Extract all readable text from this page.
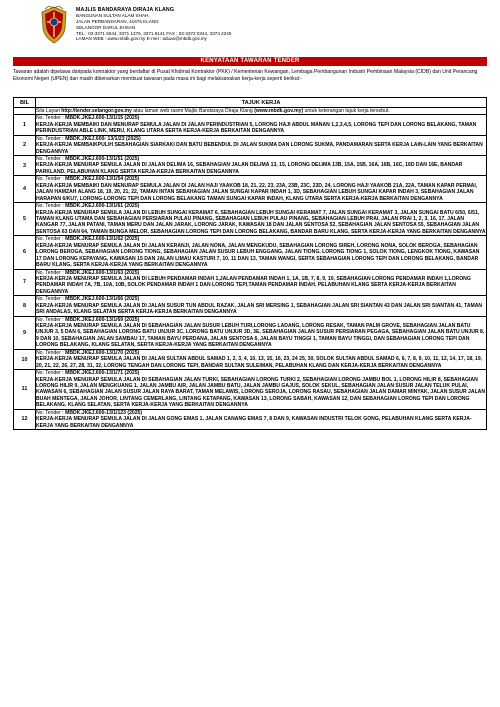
MAJLIS BANDARAYA DIRAJA KLANG
BANGUNAN SULTAN ALAM SHAH,
JALAN PERBANDARAN, 41675 KLANG
SELANGOR DARUL EHSAN
TEL : 03-3371 6044, 3371 1376, 3371 6141 FAX : 03-3372 0344, 3374 2245
LAMAN WEB : www.mbdk.gov.my E-mel : aduan@mbdk.gov.my
KENYATAAN TAWARAN TENDER
Tawaran adalah dipelawa daripada kontraktor yang berdaftar di Pusat Khidmat Kontraktor (PKK) / Kementerian Kewangan, Lembaga Pembangunan Industri Pembinaan Malaysia (CIDB) dan Unit Perancang Ekonomi Negeri (UPEN) dan masih dibenarkan membuat tawaran pada masa ini bagi melaksanakan kerja-kerja seperti berikut:-
BIL	TAJUK KERJA
	Sila Layari http://tender.selangor.gov.my atau laman web rasmi Majlis Bandaraya Diraja Klang (www.mbdk.gov.my) untuk keterangan tajuk kerja tersebut.
1	No. Tender : MBDK.JKEJ.600-13/1/15 (2025)
KERJA-KERJA MEMBAIKI DAN MENURAP SEMULA JALAN DI JALAN PERINDUSTRIAN 5, LORONG HAJI ABDUL MANAN 1,2,3,4,5, LORONG TEPI DAN LORONG BELAKANG, TAMAN PERINDUSTRIAN ABLE LINK, MERU, KLANG UTARA SERTA KERJA-KERJA BERKAITAN DENGANNYA

2	No. Tender : MBDK.JKEJ.600- 13/1/23 (2025)
KERJA-KERJA MEMBAIKPULIH SEBAHAGIAN SIARKAKI DAN BATU BEBENDUL DI JALAN SUKMA DAN LORONG SUKMA, PANDAMARAN SERTA KERJA LAIN-LAIN YANG BERKAITAN DENGANNYA

3	No. Tender : MBDK.JKEJ.600-13/1/51 (2025)
KERJA-KERJA MENURAP SEMULA JALAN DI JALAN DELIMA 16, SEBAHAGIAN JALAN DELIMA 13, 15, LORONG DELIMA 13B, 15A, 15B, 16A, 16B, 16C, 16D DAN 16E, BANDAR PARKLAND, PELABUHAN KLANG SERTA KERJA-KERJA BERKAITAN DENGANNYA

4	No. Tender : MBDK.JKEJ.600-13/1/54 (2025)
KERJA-KERJA MEMBAIKI DAN MENURAP SEMULA JALAN DI JALAN HAJI YAAKOB 18, 21, 22, 23, 23A, 23B, 23C, 23D, 24, LORONG HAJI YAAKOB 21A, 22A, TAMAN KAPAR PERMAI, JALAN HAMZAH ALANG 18, 19, 20, 21, 22, TAMAN INTAN SEBAHAGIAN JALAN SUNGAI KAPAR INDAH 1, 3D, SEBAHAGIAN LEBUH SUNGAI KAPAR INDAH 3, SEBAHAGIAN JALAN HARAPAN 6/KU7, LORONG-LORONG TEPI DAN LORONG BELAKANG TAMAN SUNGAI KAPAR INDAH, KLANG UTARA SERTA KERJA-KERJA BERKAITAN DENGANNYA

5	No. Tender : MBDK.JKEJ.600-13/1/61 (2025)
KERJA-KERJA MENURAP SEMULA JALAN DI LEBUH SUNGAI KERAMAT 6, SEBAHAGIAN LEBUH SUNGAI KERAMAT 7, JALAN SUNGAI KERAMAT 3, JALAN SUNGAI BATU 6/50, 6/51, TAMAN KLANG UTAMA DAN SEBAHAGIAN PERSIARAN PULAU PINANG, SEBAHAGIAN LEBUH PULAU PINANG, SEBAHAGIAN LEBUH PRAI, JALAN PRAI 1, 2, 3, 16, 17, JALAN KANGAR 77, JALAN PATANI, TAMAN MERU DAN JALAN JARAK, LORONG JARAK, KAWASAN 18 DAN JALAN SENTOSA 52, SEBAHAGIAN JALAN SENTOSA 55, SEBAHAGIAN JALAN SENTOSA 63 DAN 64, TAMAN BUNGA MELOR, SEBAHAGIAN LORONG TEPI DAN LORONG BELAKANG, BANDAR BARU KLANG, SERTA KERJA-KERJA YANG BERKAITAN DENGANNYA

6	No. Tender : MBDK.JKEJ.600-13/1/62 (2025)
KERJA-KERJA MENURAP SEMULA JALAN DI JALAN KERANJI, JALAN NONA, JALAN MENGKUDU, SEBAHAGIAN LORONG SIREH, LORONG NONA, SOLOK BEROGA, SEBAHAGIAN LORONG BEROGA, SEBAHAGIAN LORONG TIONG, SEBAHAGIAN JALAN SUSUR LEBUH ENGGANG, JALAN TIONG, LORONG TIONG 1, SOLOK TIONG, LENGKOK TIONG, KAWASAN 17 DAN LORONG KEPAYANG, KAWASAN 15 DAN JALAN LIMAU KASTURI 7, 10, 11 DAN 13, TAMAN WANGI, SERTA SEBAHAGIAN LORONG TEPI DAN LORONG BELAKANG, BANDAR BARU KLANG, SERTA KERJA-KERJA YANG BERKAITAN DENGANNYA

7	No. Tender : MBDK.JKEJ.600-13/1/63 (2025)
KERJA-KERJA MENURAP SEMULA JALAN DI LEBUH PENDAMAR INDAH 1,JALAN PENDAMAR INDAH 1, 1A, 1B, 7, 8, 9, 10, SEBAHAGIAN LORONG PENDAMAR INDAH 1,LORONG PENDAMAR INDAH 7A, 7B, 10A, 10B, SOLOK PENDAMAR INDAH 1 DAN LORONG TEPI,TAMAN PENDAMAR INDAH, PELABUHAN KLANG SERTA KERJA-KERJA BERKAITAN DENGANNYA

8	No. Tender : MBDK.JKEJ.600-13/1/66 (2025)
KERJA-KERJA MENURAP SEMULA JALAN DI JALAN SUSUR TUN ABDUL RAZAK, JALAN SRI MERSING 1, SEBAHAGIAN JALAN SRI SIANTAN 43 DAN JALAN SRI SIANTAN 41, TAMAN SRI ANDALAS, KLANG SELATAN SERTA KERJA-KERJA BERKAITAN DENGANNYA

9	No. Tender : MBDK.JKEJ.600-13/1/69 (2025)
KERJA-KERJA MENURAP SEMULA JALAN DI SEBAHAGIAN JALAN SUSUR LEBUH TURI,LORONG LADANG, LORONG RESAK, TAMAN PALM GROVE, SEBAHAGIAN JALAN BATU UNJUR 3, 5 DAN 6, SEBAHAGIAN LORONG BATU UNJUR 3C, LORONG BATU UNJUR 3D, 3E, SEBAHAGIAN JALAN SUSUR PERSIARAN PEGAGA, SEBAHAGIAN JALAN BATU UNJUR 8, 9 DAN 10, SEBAHAGIAN JALAN SAMBAU 17, TAMAN BAYU PERDANA, JALAN SENTOSA 6, JALAN BAYU TINGGI 1, TAMAN BAYU TINGGI, DAN SEBAHAGIAN LORONG TEPI DAN LORONG BELAKANG, KLANG SELATAN, SERTA KERJA-KERJA YANG BERKAITAN DENGANNYA

10	No. Tender : MBDK.JKEJ.600-13/1/70 (2025)
KERJA-KERJA MENURAP SEMULA JALAN DI JALAN SULTAN ABDUL SAMAD 1, 2, 3, 4, 10, 13, 15, 16, 23, 24 25, 30, SOLOK SULTAN ABDUL SAMAD 6, 6, 7, 8, 9, 10, 11, 12, 14, 17, 18, 19, 20, 21, 22, 26, 27, 28, 31, 32, LORONG TENGAH DAN LORONG TEPI, BANDAR SULTAN SULEIMAN, PELABUHAN KLANG DAN KERJA-KERJA BERKAITAN DENGANNYA

11	No. Tender : MBDK.JKEJ.600-13/1/71 (2025)
KERJA-KERJA MENURAP SEMULA JALAN DI SEBAHAGIAN JALAN TURKI, SEBAHAGIAN LORONG TURKI 2, SEBAHAGIAN LORONG JAMBU BOL 1, LORONG HILIR 8, SEBAHAGIAN LORONG HILIR 9, JALAN MENGKUANG 1, JALAN JAMBU AIR, JALAN JAMBU BATU, JALAN JAMBU GAJUS, SOLOK SEKUL, SEBAHAGIAN JALAN SUSUR JALAN TELUK PULAI, KAWASAN 6, SEBAHAGIAN JALAN SUSUR JALAN RAYA BARAT, TAMAN MELAWIS, LORONG SEROJA, LORONG RASAU, SEBAHAGIAN JALAN DAMAR MINYAK, JALAN SUSUR JALAN BUAH MENTEGA, JALAN JOHOR, LINTANG CEMERLANG, LINTANG KETAPANG, KAWASAN 13, LORONG SABAH, KAWASAN 12, DAN SEBAHAGIAN LORONG TEPI DAN LORONG BELAKANG, KLANG SELATAN, SERTA KERJA-KERJA YANG BERKAITAN DENGANNYA

12	No. Tender : MBDK.JKEJ.600-13/1/123 (2025)
KERJA-KERJA MENURAP SEMULA JALAN DI JALAN GONG EMAS 1, JALAN CANANG EMAS 7, 8 DAN 9, KAWASAN INDUSTRI TELOK GONG, PELABUHAN KLANG SERTA KERJA-KERJA YANG BERKAITAN DENGANNYA
